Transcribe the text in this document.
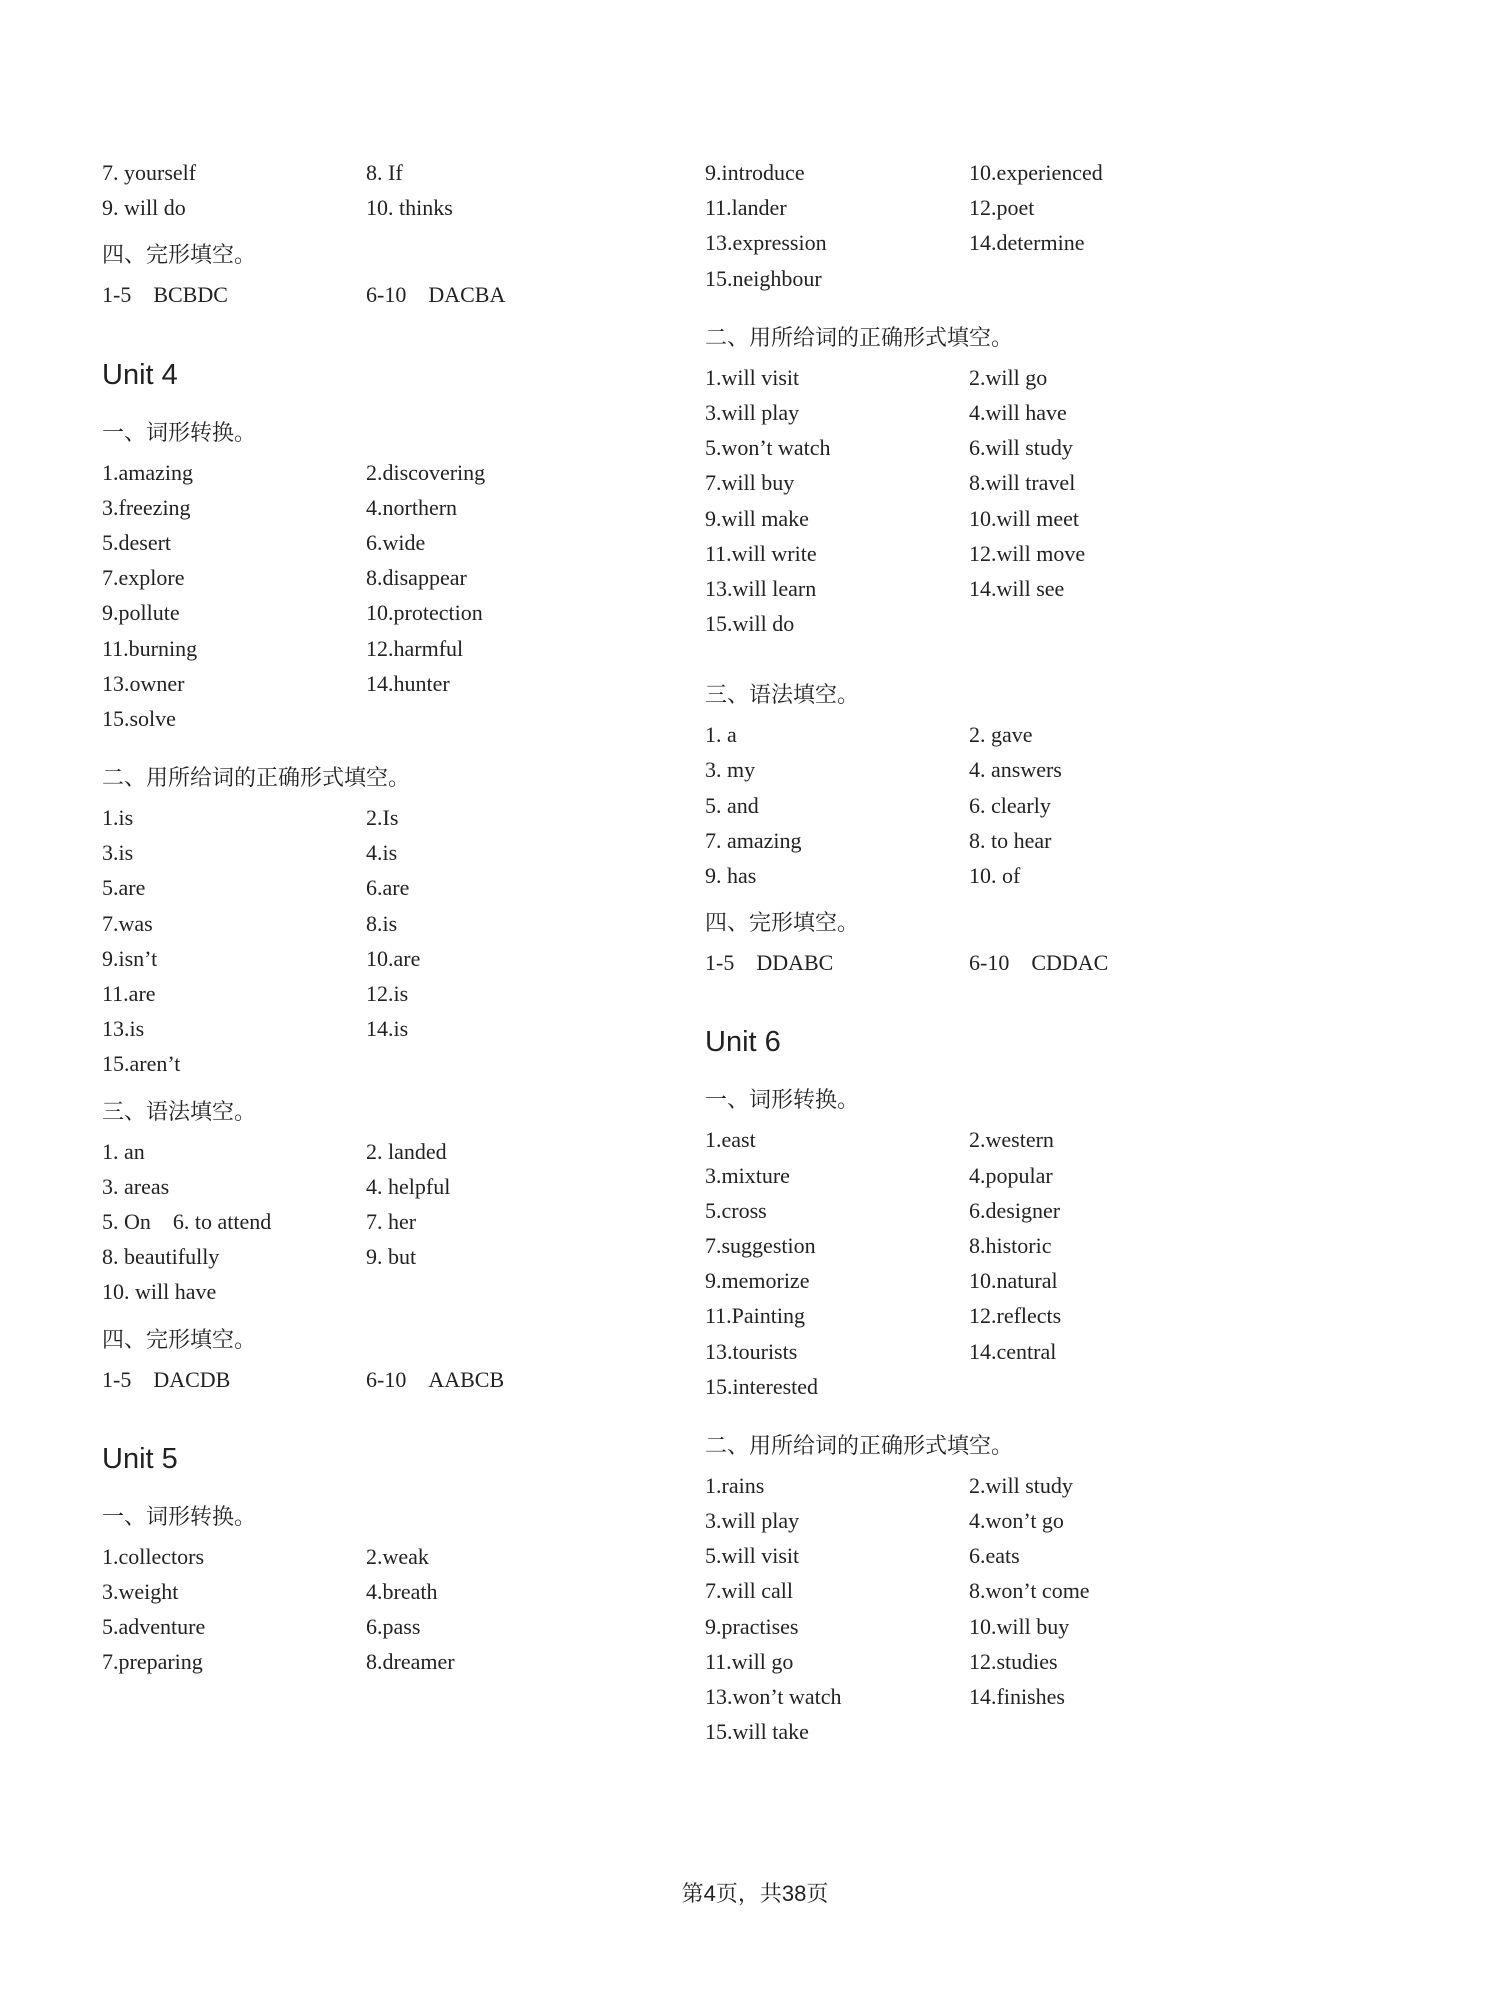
7. yourself	8. If
9. will do	10. thinks
四、完形填空。
1-5　BCBDC	6-10　DACBA
Unit 4
一、词形转换。
1.amazing	2.discovering
3.freezing	4.northern
5.desert	6.wide
7.explore	8.disappear
9.pollute	10.protection
11.burning	12.harmful
13.owner	14.hunter
15.solve
二、用所给词的正确形式填空。
1.is	2.Is
3.is	4.is
5.are	6.are
7.was	8.is
9.isn’t	10.are
11.are	12.is
13.is	14.is
15.aren’t
三、语法填空。
1. an	2. landed
3. areas	4. helpful
5. On　6. to attend	7. her
8. beautifully	9. but
10. will have
四、完形填空。
1-5　DACDB	6-10　AABCB
Unit 5
一、词形转换。
1.collectors	2.weak
3.weight	4.breath
5.adventure	6.pass
7.preparing	8.dreamer
9.introduce	10.experienced
11.lander	12.poet
13.expression	14.determine
15.neighbour
二、用所给词的正确形式填空。
1.will visit	2.will go
3.will play	4.will have
5.won’t watch	6.will study
7.will buy	8.will travel
9.will make	10.will meet
11.will write	12.will move
13.will learn	14.will see
15.will do
三、语法填空。
1. a	2. gave
3. my	4. answers
5. and	6. clearly
7. amazing	8. to hear
9. has	10. of
四、完形填空。
1-5　DDABC	6-10　CDDAC
Unit 6
一、词形转换。
1.east	2.western
3.mixture	4.popular
5.cross	6.designer
7.suggestion	8.historic
9.memorize	10.natural
11.Painting	12.reflects
13.tourists	14.central
15.interested
二、用所给词的正确形式填空。
1.rains	2.will study
3.will play	4.won’t go
5.will visit	6.eats
7.will call	8.won’t come
9.practises	10.will buy
11.will go	12.studies
13.won’t watch	14.finishes
15.will take
第4页，共38页
